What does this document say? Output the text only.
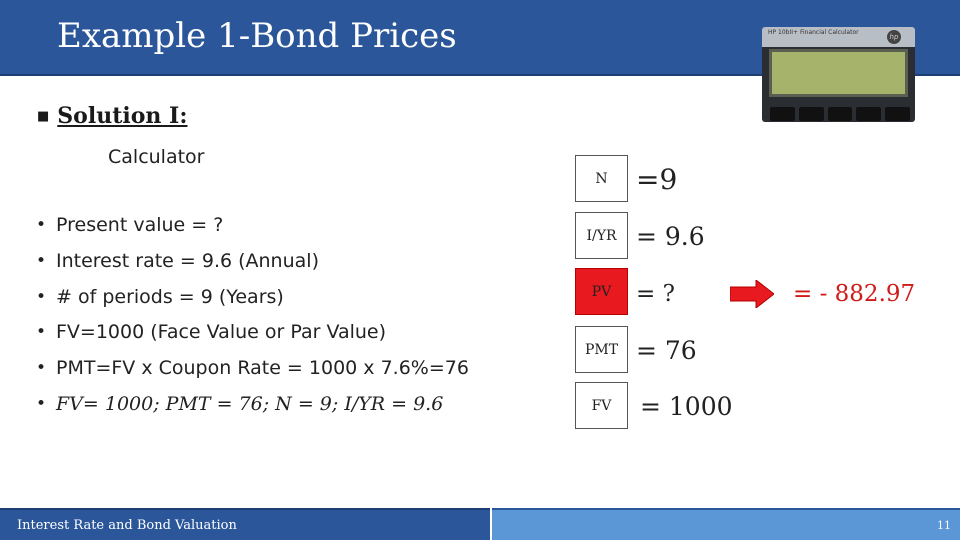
Example 1-Bond Prices	HP 10bII+ Financial Calculator
hp
■ Solution I:
Calculator
• Present value = ?
• Interest rate = 9.6 (Annual)
• # of periods = 9 (Years)
• FV=1000 (Face Value or Par Value)
• PMT=FV x Coupon Rate = 1000 x 7.6%=76
• FV= 1000; PMT = 76; N = 9; I/YR = 9.6
N	=9
I/YR = 9.6
PV	= ?
PMT = 76
FV	= 1000
= - 882.97
Interest Rate and Bond Valuation	11
